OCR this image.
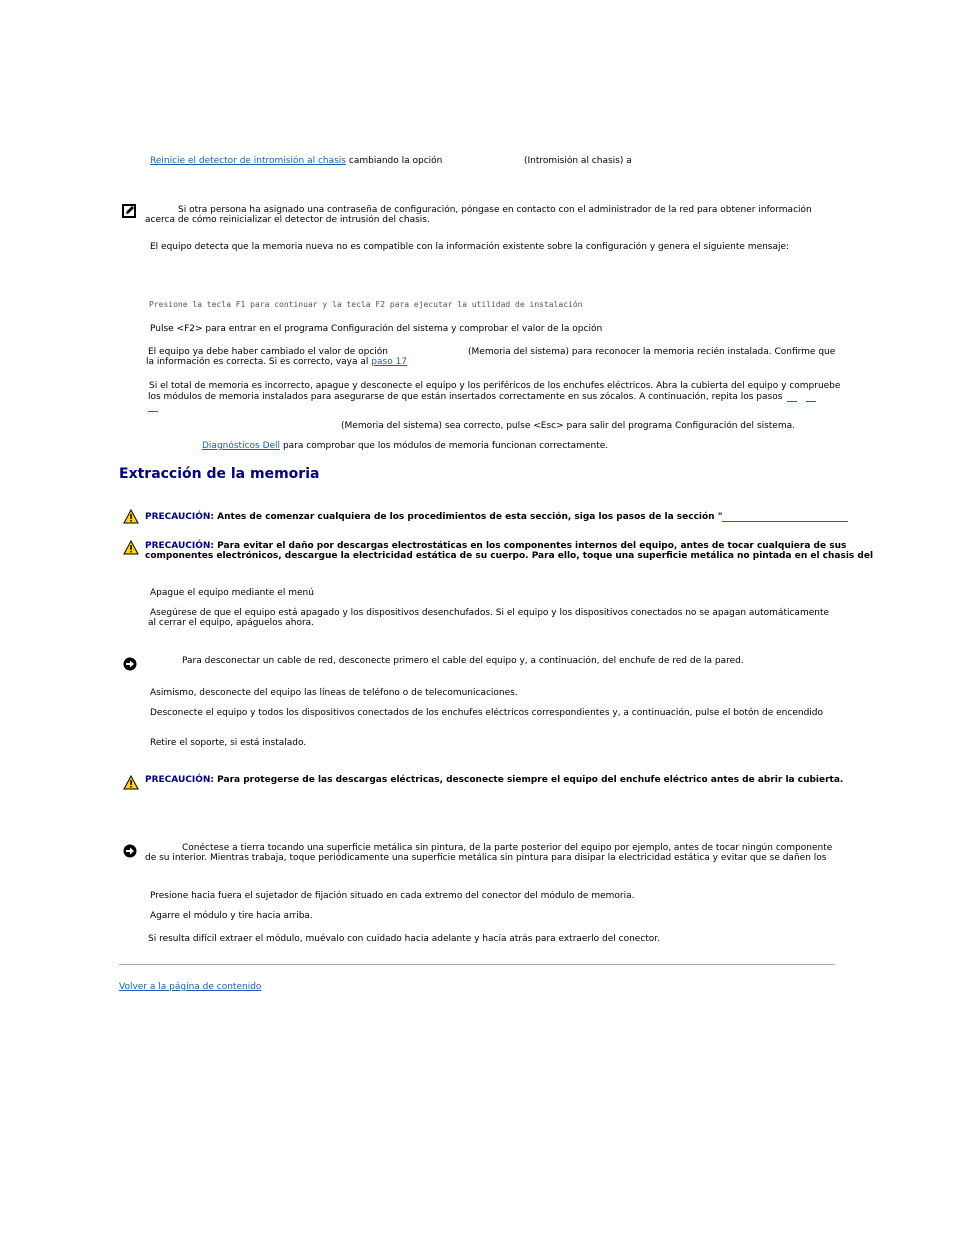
Reinicie el detector de intromisión al chasis cambiando la opción	(Intromisión al chasis) a
Si otra persona ha asignado una contraseña de configuración, póngase en contacto con el administrador de la red para obtener información
acerca de cómo reinicializar el detector de intrusión del chasis.
El equipo detecta que la memoria nueva no es compatible con la información existente sobre la configuración y genera el siguiente mensaje:
Presione la tecla F1 para continuar y la tecla F2 para ejecutar la utilidad de instalación
Pulse <F2> para entrar en el programa Configuración del sistema y comprobar el valor de la opción
El equipo ya debe haber cambiado el valor de opción	(Memoria del sistema) para reconocer la memoria recién instalada. Confirme que
la información es correcta. Si es correcto, vaya al paso 17
Si el total de memoria es incorrecto, apague y desconecte el equipo y los periféricos de los enchufes eléctricos. Abra la cubierta del equipo y compruebe
los módulos de memoria instalados para asegurarse de que están insertados correctamente en sus zócalos. A continuación, repita los pasos
(Memoria del sistema) sea correcto, pulse <Esc> para salir del programa Configuración del sistema.
Diagnósticos Dell para comprobar que los módulos de memoria funcionan correctamente.
Extracción de la memoria
PRECAUCIÓN: Antes de comenzar cualquiera de los procedimientos de esta sección, siga los pasos de la sección "
PRECAUCIÓN: Para evitar el daño por descargas electrostáticas en los componentes internos del equipo, antes de tocar cualquiera de sus
componentes electrónicos, descargue la electricidad estática de su cuerpo. Para ello, toque una superficie metálica no pintada en el chasis del
Apague el equipo mediante el menú
Asegúrese de que el equipo está apagado y los dispositivos desenchufados. Si el equipo y los dispositivos conectados no se apagan automáticamente
al cerrar el equipo, apáguelos ahora.
Para desconectar un cable de red, desconecte primero el cable del equipo y, a continuación, del enchufe de red de la pared.
Asimismo, desconecte del equipo las líneas de teléfono o de telecomunicaciones.
Desconecte el equipo y todos los dispositivos conectados de los enchufes eléctricos correspondientes y, a continuación, pulse el botón de encendido
Retire el soporte, si está instalado.
PRECAUCIÓN: Para protegerse de las descargas eléctricas, desconecte siempre el equipo del enchufe eléctrico antes de abrir la cubierta.
Conéctese a tierra tocando una superficie metálica sin pintura, de la parte posterior del equipo por ejemplo, antes de tocar ningún componente
de su interior. Mientras trabaja, toque periódicamente una superficie metálica sin pintura para disipar la electricidad estática y evitar que se dañen los
Presione hacia fuera el sujetador de fijación situado en cada extremo del conector del módulo de memoria.
Agarre el módulo y tire hacia arriba.
Si resulta difícil extraer el módulo, muévalo con cuidado hacia adelante y hacia atrás para extraerlo del conector.
Volver a la página de contenido
